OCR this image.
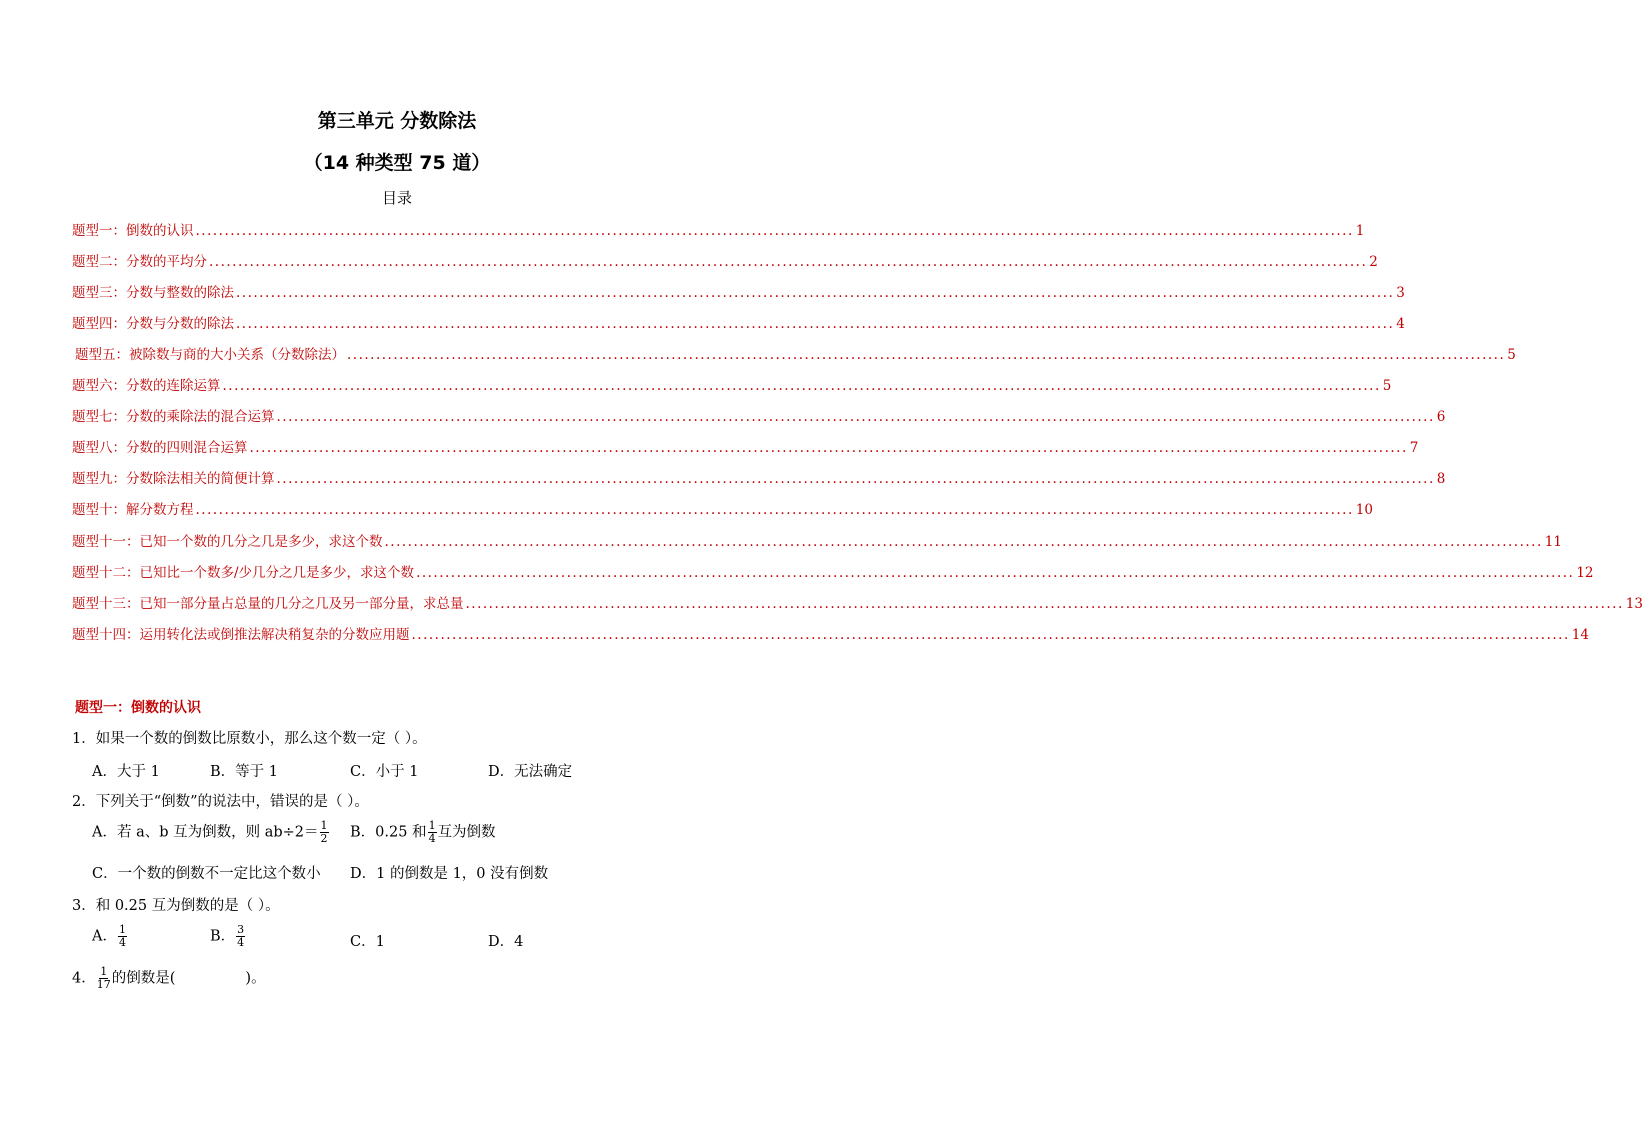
第三单元 分数除法
（14 种类型 75 道）
目录
题型一：倒数的认识 ........................................................................................................................................................................................................ 1
题型二：分数的平均分 ........................................................................................................................................................................................................ 2
题型三：分数与整数的除法 ........................................................................................................................................................................................................ 3
题型四：分数与分数的除法 ........................................................................................................................................................................................................ 4
题型五：被除数与商的大小关系（分数除法） ........................................................................................................................................................................................................ 5
题型六：分数的连除运算 ........................................................................................................................................................................................................ 5
题型七：分数的乘除法的混合运算 ........................................................................................................................................................................................................ 6
题型八：分数的四则混合运算 ........................................................................................................................................................................................................ 7
题型九：分数除法相关的简便计算 ........................................................................................................................................................................................................ 8
题型十：解分数方程 ........................................................................................................................................................................................................ 10
题型十一：已知一个数的几分之几是多少，求这个数 ........................................................................................................................................................................................................ 11
题型十二：已知比一个数多/少几分之几是多少，求这个数 ........................................................................................................................................................................................................ 12
题型十三：已知一部分量占总量的几分之几及另一部分量，求总量 ........................................................................................................................................................................................................ 13
题型十四：运用转化法或倒推法解决稍复杂的分数应用题 ........................................................................................................................................................................................................ 14
题型一：倒数的认识
1．如果一个数的倒数比原数小，那么这个数一定（ ）。
A．大于 1	B．等于 1	C．小于 1	D．无法确定
2．下列关于“倒数”的说法中，错误的是（ ）。
A．若 a、b 互为倒数，则 $ab\div 2= \frac{1}{2}$ B．0.25 和 $\frac{1}{4}$ 互为倒数
C．一个数的倒数不一定比这个数小 D．1 的倒数是 1，0 没有倒数
3．和 0.25 互为倒数的是（ ）。
A． $\frac{1}{4}$	B． $\frac{3}{4}$	C．1	D．4
4． $\frac{1}{17}$ 的倒数是(	)。
